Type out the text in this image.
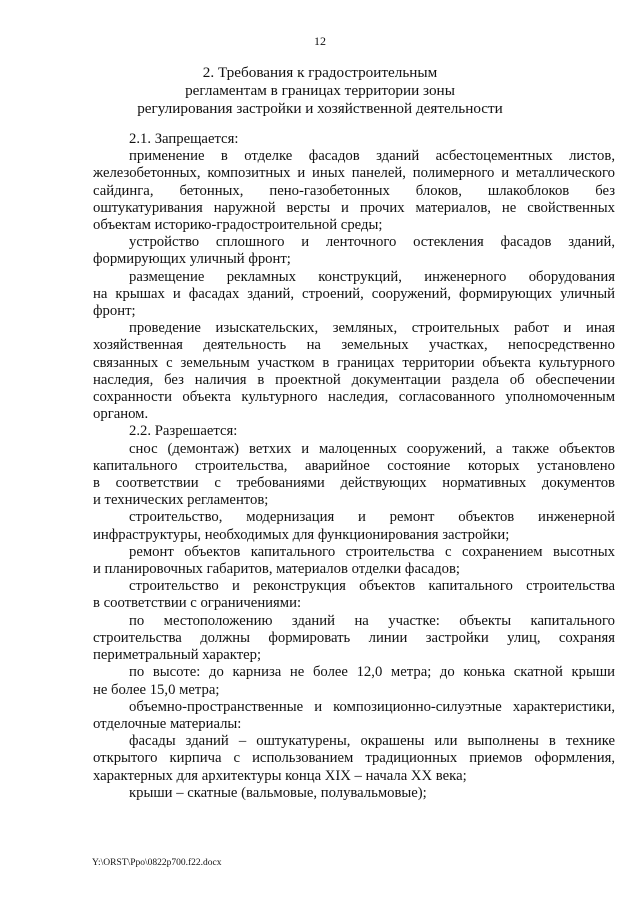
12
2. Требования к градостроительным
регламентам в границах территории зоны
регулирования застройки и хозяйственной деятельности
2.1. Запрещается:
применение в отделке фасадов зданий асбестоцементных листов,
железобетонных, композитных и иных панелей, полимерного и металлического
сайдинга, бетонных, пено-газобетонных блоков, шлакоблоков без
оштукатуривания наружной версты и прочих материалов, не свойственных
объектам историко-градостроительной среды;
устройство сплошного и ленточного остекления фасадов зданий,
формирующих уличный фронт;
размещение рекламных конструкций, инженерного оборудования
на крышах и фасадах зданий, строений, сооружений, формирующих уличный
фронт;
проведение изыскательских, земляных, строительных работ и иная
хозяйственная деятельность на земельных участках, непосредственно
связанных с земельным участком в границах территории объекта культурного
наследия, без наличия в проектной документации раздела об обеспечении
сохранности объекта культурного наследия, согласованного уполномоченным
органом.
2.2. Разрешается:
снос (демонтаж) ветхих и малоценных сооружений, а также объектов
капитального строительства, аварийное состояние которых установлено
в соответствии с требованиями действующих нормативных документов
и технических регламентов;
строительство, модернизация и ремонт объектов инженерной
инфраструктуры, необходимых для функционирования застройки;
ремонт объектов капитального строительства с сохранением высотных
и планировочных габаритов, материалов отделки фасадов;
строительство и реконструкция объектов капитального строительства
в соответствии с ограничениями:
по местоположению зданий на участке: объекты капитального
строительства должны формировать линии застройки улиц, сохраняя
периметральный характер;
по высоте: до карниза не более 12,0 метра; до конька скатной крыши
не более 15,0 метра;
объемно-пространственные и композиционно-силуэтные характеристики,
отделочные материалы:
фасады зданий – оштукатурены, окрашены или выполнены в технике
открытого кирпича с использованием традиционных приемов оформления,
характерных для архитектуры конца XIX – начала XX века;
крыши – скатные (вальмовые, полувальмовые);
Y:\ORST\Ppo\0822p700.f22.docx
